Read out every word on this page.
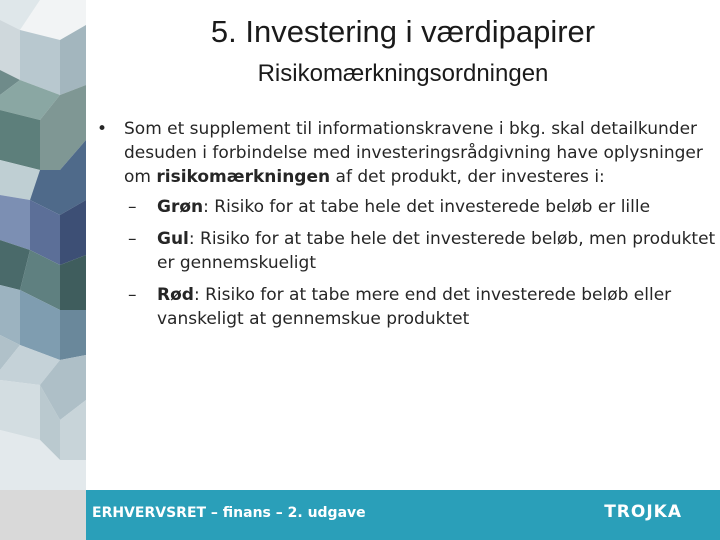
5. Investering i værdipapirer
Risikomærkningsordningen
• Som et supplement til informationskravene i bkg. skal detailkunder desuden i forbindelse med investeringsrådgivning have oplysninger om risikomærkningen af det produkt, der investeres i:
– Grøn: Risiko for at tabe hele det investerede beløb er lille
– Gul: Risiko for at tabe hele det investerede beløb, men produktet er gennemskueligt
– Rød: Risiko for at tabe mere end det investerede beløb eller vanskeligt at gennemskue produktet
ERHVERVSRET – finans – 2. udgave	TROJKA
